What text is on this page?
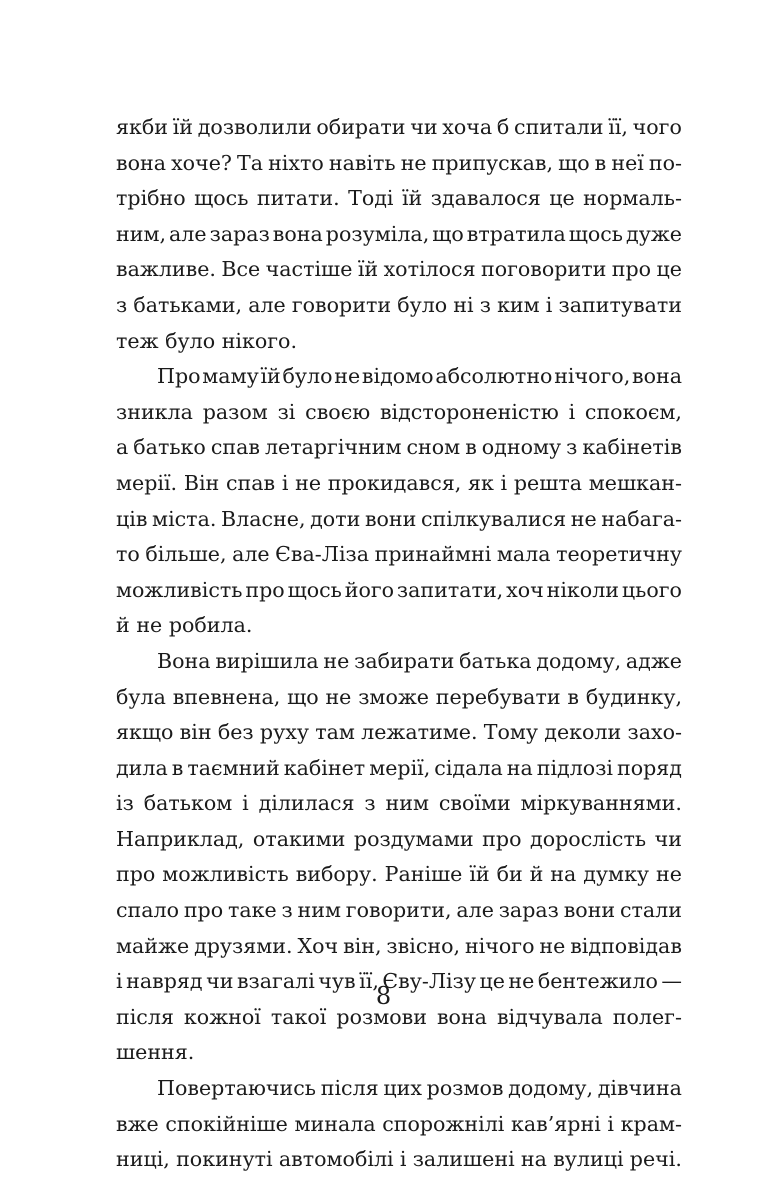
якби їй дозволили обирати чи хоча б спитали її, чого
вона хоче? Та ніхто навіть не припускав, що в неї по-
трібно щось питати. Тоді їй здавалося це нормаль-
ним, але зараз вона розуміла, що втратила щось дуже
важливе. Все частіше їй хотілося поговорити про це
з батьками, але говорити було ні з ким і запитувати
теж було нікого.
Про маму їй було не відомо абсолютно нічого, вона
зникла разом зі своєю відстороненістю і спокоєм,
а батько спав летаргічним сном в одному з кабінетів
мерії. Він спав і не прокидався, як і решта мешкан-
ців міста. Власне, доти вони спілкувалися не набага-
то більше, але Єва-Ліза принаймні мала теоретичну
можливість про щось його запитати, хоч ніколи цього
й не робила.
Вона вирішила не забирати батька додому, адже
була впевнена, що не зможе перебувати в будинку,
якщо він без руху там лежатиме. Тому деколи захо-
дила в таємний кабінет мерії, сідала на підлозі поряд
із батьком і ділилася з ним своїми міркуваннями.
Наприклад, отакими роздумами про дорослість чи
про можливість вибору. Раніше їй би й на думку не
спало про таке з ним говорити, але зараз вони стали
майже друзями. Хоч він, звісно, нічого не відповідав
і навряд чи взагалі чув її, Єву-Лізу це не бентежило —
після кожної такої розмови вона відчувала полег-
шення.
Повертаючись після цих розмов додому, дівчина
вже спокійніше минала спорожнілі кав’ярні і крам-
ниці, покинуті автомобілі і залишені на вулиці речі.
8
